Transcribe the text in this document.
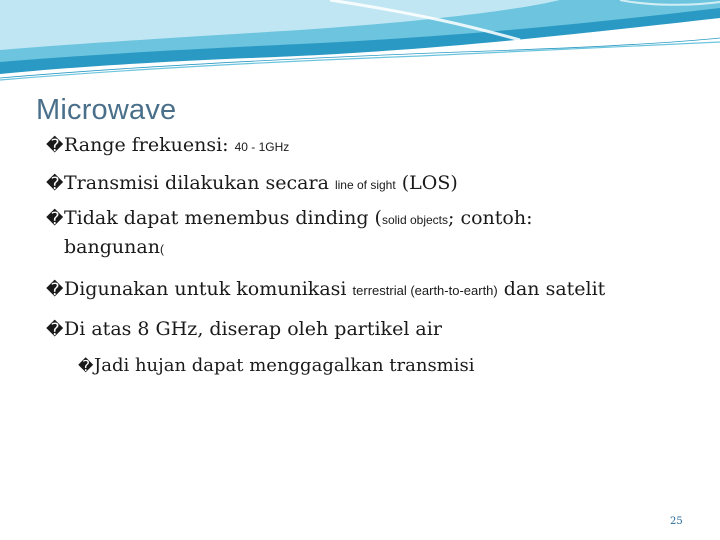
Microwave
�Range frekuensi: 40 - 1GHz
�Transmisi dilakukan secara line of sight (LOS)
�Tidak dapat menembus dinding (solid objects; contoh:
bangunan(
�Digunakan untuk komunikasi terrestrial (earth-to-earth) dan satelit
�Di atas 8 GHz, diserap oleh partikel air
�Jadi hujan dapat menggagalkan transmisi
25
